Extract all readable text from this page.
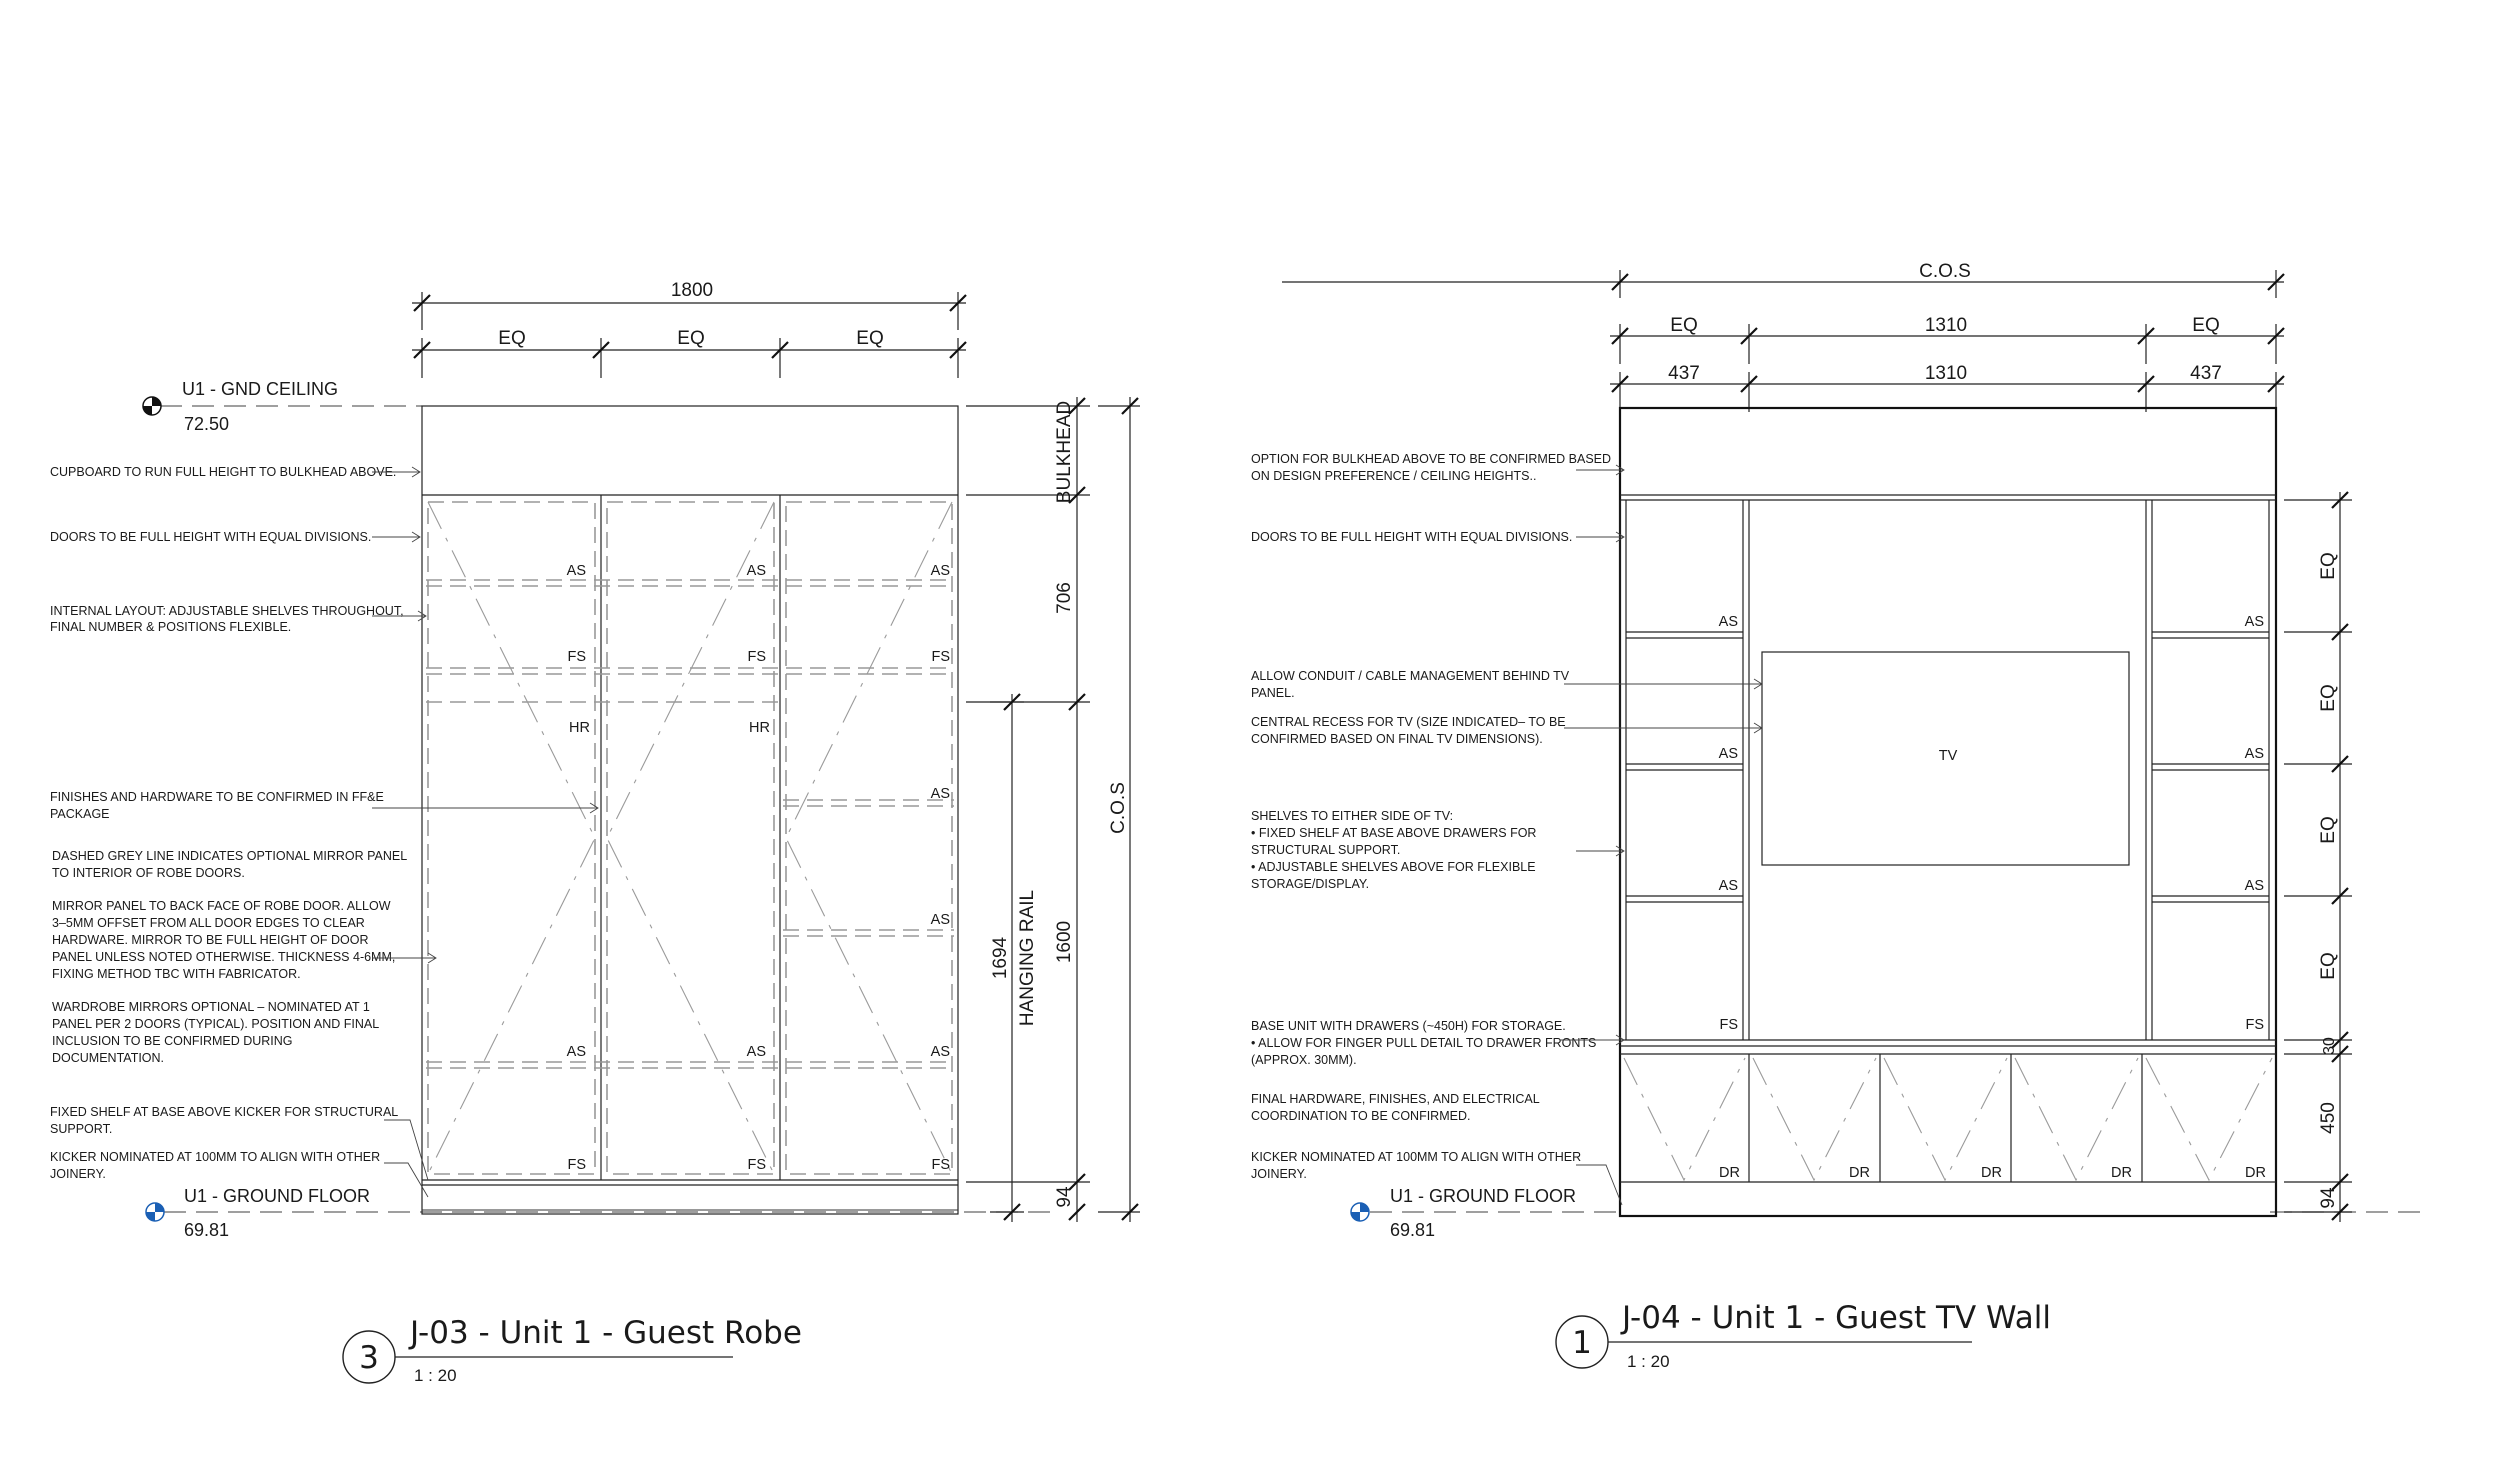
1800
EQ	EQ	EQ
U1 - GND CEILING
72.50
U1 - GROUND FLOOR
69.81
AS	AS	AS
FS	FS	FS
HR	HR
AS
AS
AS	AS	AS
FS	FS	FS
CUPBOARD TO RUN FULL HEIGHT TO BULKHEAD ABOVE.
DOORS TO BE FULL HEIGHT WITH EQUAL DIVISIONS.
INTERNAL LAYOUT: ADJUSTABLE SHELVES THROUGHOUT, FINAL NUMBER & POSITIONS FLEXIBLE.
FINISHES AND HARDWARE TO BE CONFIRMED IN FF&E PACKAGE
DASHED GREY LINE INDICATES OPTIONAL MIRROR PANEL TO INTERIOR OF ROBE DOORS.
MIRROR PANEL TO BACK FACE OF ROBE DOOR. ALLOW 3–5MM OFFSET FROM ALL DOOR EDGES TO CLEAR HARDWARE. MIRROR TO BE FULL HEIGHT OF DOOR PANEL UNLESS NOTED OTHERWISE. THICKNESS 4-6MM, FIXING METHOD TBC WITH FABRICATOR.
WARDROBE MIRRORS OPTIONAL – NOMINATED AT 1 PANEL PER 2 DOORS (TYPICAL). POSITION AND FINAL INCLUSION TO BE CONFIRMED DURING DOCUMENTATION.
FIXED SHELF AT BASE ABOVE KICKER FOR STRUCTURAL SUPPORT.
KICKER NOMINATED AT 100MM TO ALIGN WITH OTHER JOINERY.
BULKHEAD
706
1600
94
C.O.S
1694 HANGING RAIL
3
J-03 - Unit 1 - Guest Robe
1 : 20
C.O.S
EQ	1310	EQ
437	1310	437
U1 - GROUND FLOOR
69.81
TV
AS
AS
AS
FS
AS
AS
AS
FS
DR	DR	DR	DR	DR
OPTION FOR BULKHEAD ABOVE TO BE CONFIRMED BASED ON DESIGN PREFERENCE / CEILING HEIGHTS..
DOORS TO BE FULL HEIGHT WITH EQUAL DIVISIONS.
ALLOW CONDUIT / CABLE MANAGEMENT BEHIND TV PANEL.
CENTRAL RECESS FOR TV (SIZE INDICATED– TO BE CONFIRMED BASED ON FINAL TV DIMENSIONS).
SHELVES TO EITHER SIDE OF TV: • FIXED SHELF AT BASE ABOVE DRAWERS FOR STRUCTURAL SUPPORT. • ADJUSTABLE SHELVES ABOVE FOR FLEXIBLE STORAGE/DISPLAY.
BASE UNIT WITH DRAWERS (~450H) FOR STORAGE. • ALLOW FOR FINGER PULL DETAIL TO DRAWER FRONTS (APPROX. 30MM).
FINAL HARDWARE, FINISHES, AND ELECTRICAL COORDINATION TO BE CONFIRMED.
KICKER NOMINATED AT 100MM TO ALIGN WITH OTHER JOINERY.
EQ
EQ
EQ
EQ
30
450
94
1
J-04 - Unit 1 - Guest TV Wall
1 : 20
